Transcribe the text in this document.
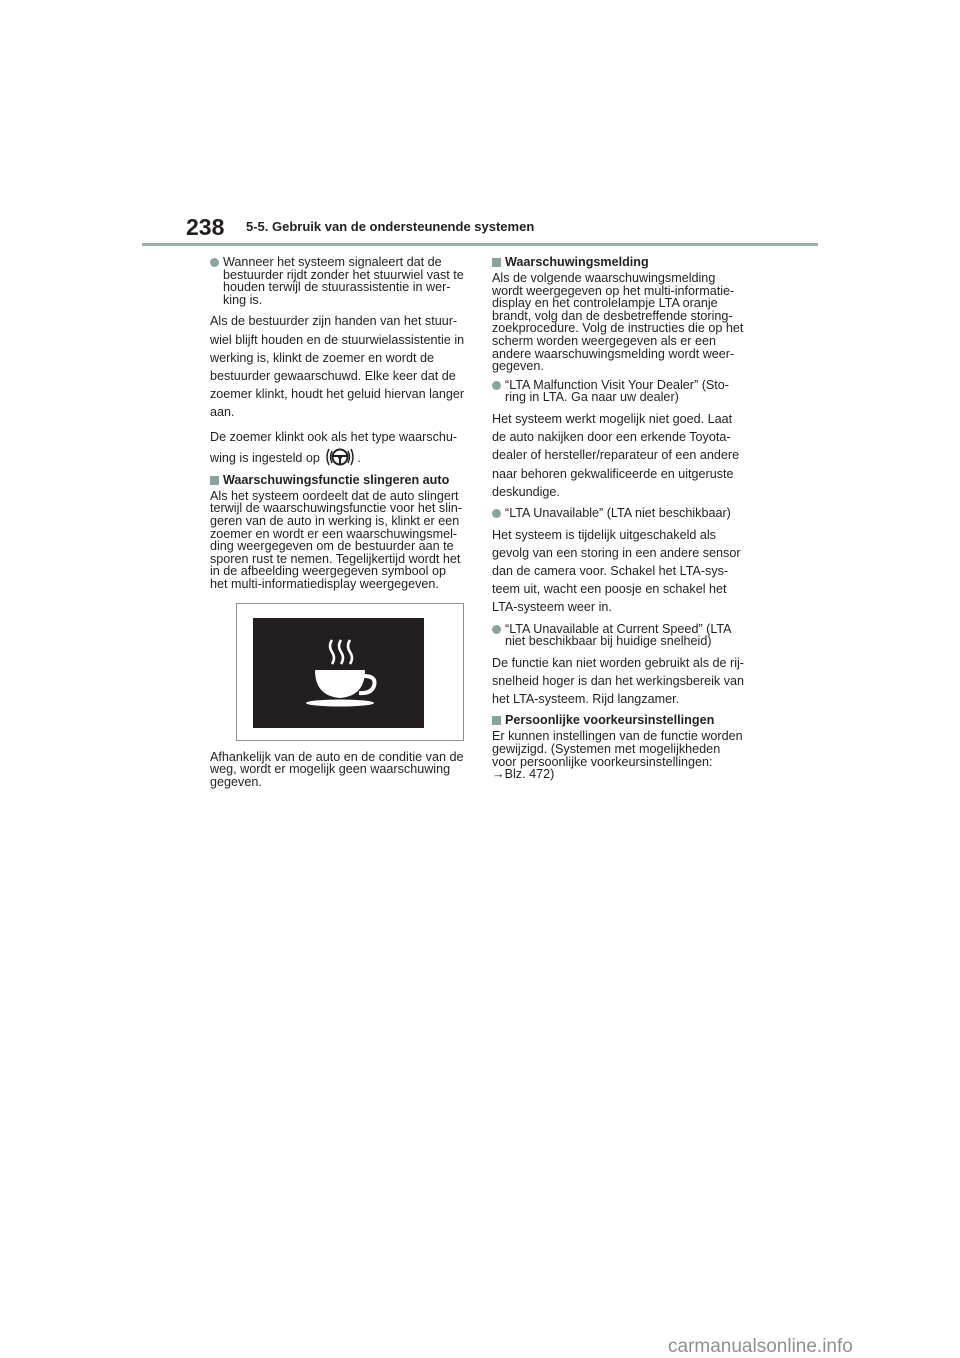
238 5-5. Gebruik van de ondersteunende systemen

Wanneer het systeem signaleert dat de bestuurder rijdt zonder het stuurwiel vast te houden terwijl de stuurassistentie in wer-king is.

Als de bestuurder zijn handen van het stuur-wiel blijft houden en de stuurwielassistentie in werking is, klinkt de zoemer en wordt de bestuurder gewaarschuwd. Elke keer dat de zoemer klinkt, houdt het geluid hiervan langer aan.

De zoemer klinkt ook als het type waarschu-wing is ingesteld op	.

Waarschuwingsfunctie slingeren auto

Als het systeem oordeelt dat de auto slingert terwijl de waarschuwingsfunctie voor het slin-geren van de auto in werking is, klinkt er een zoemer en wordt er een waarschuwingsmel-ding weergegeven om de bestuurder aan te sporen rust te nemen. Tegelijkertijd wordt het in de afbeelding weergegeven symbool op het multi-informatiedisplay weergegeven.

Afhankelijk van de auto en de conditie van de weg, wordt er mogelijk geen waarschuwing gegeven.

Waarschuwingsmelding

Als de volgende waarschuwingsmelding wordt weergegeven op het multi-informatie-display en het controlelampje LTA oranje brandt, volg dan de desbetreffende storing-zoekprocedure. Volg de instructies die op het scherm worden weergegeven als er een andere waarschuwingsmelding wordt weer-gegeven.

“LTA Malfunction Visit Your Dealer” (Sto-ring in LTA. Ga naar uw dealer)

Het systeem werkt mogelijk niet goed. Laat de auto nakijken door een erkende Toyota-dealer of hersteller/reparateur of een andere naar behoren gekwalificeerde en uitgeruste deskundige.

“LTA Unavailable” (LTA niet beschikbaar)

Het systeem is tijdelijk uitgeschakeld als gevolg van een storing in een andere sensor dan de camera voor. Schakel het LTA-sys-teem uit, wacht een poosje en schakel het LTA-systeem weer in.

“LTA Unavailable at Current Speed” (LTA niet beschikbaar bij huidige snelheid)

De functie kan niet worden gebruikt als de rij-snelheid hoger is dan het werkingsbereik van het LTA-systeem. Rijd langzamer.

Persoonlijke voorkeursinstellingen

Er kunnen instellingen van de functie worden gewijzigd. (Systemen met mogelijkheden voor persoonlijke voorkeursinstellingen:
→Blz. 472)

carmanualsonline.info
